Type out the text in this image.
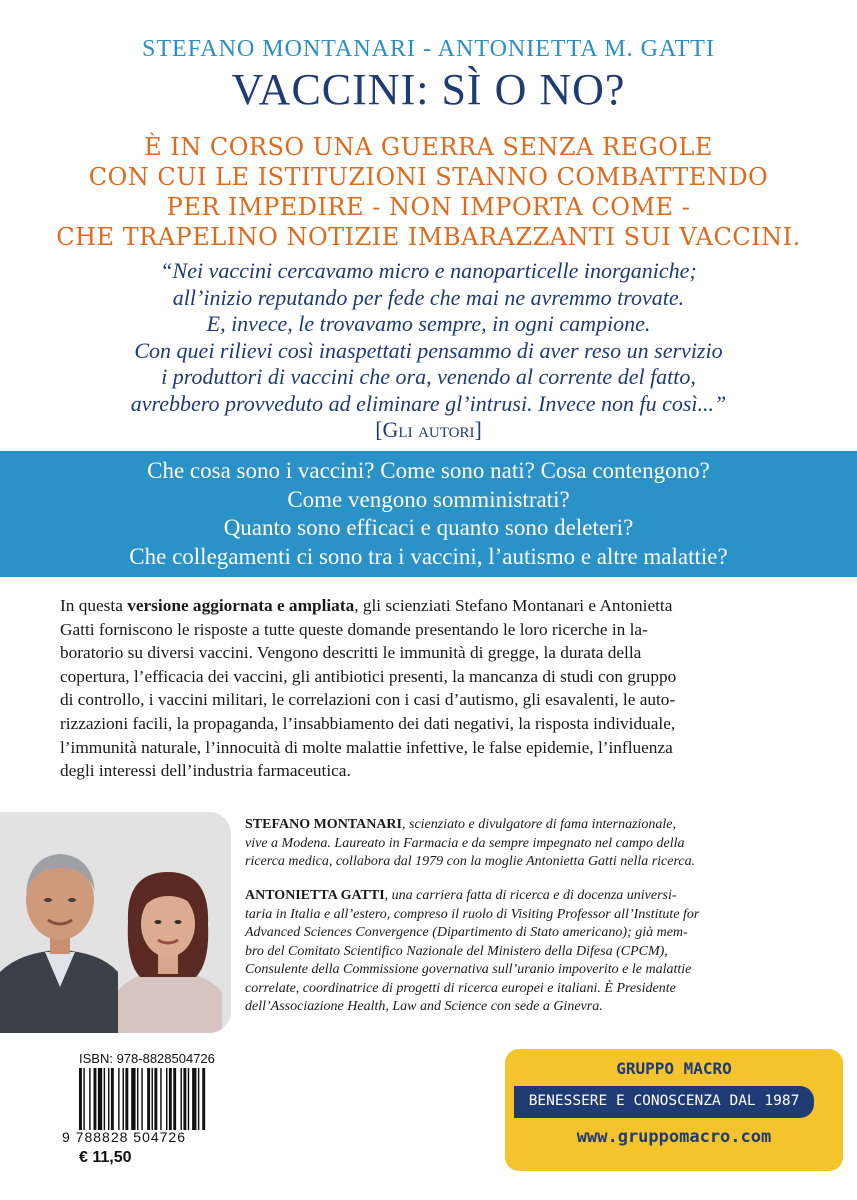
STEFANO MONTANARI - ANTONIETTA M. GATTI
VACCINI: SÌ O NO?
È IN CORSO UNA GUERRA SENZA REGOLE
CON CUI LE ISTITUZIONI STANNO COMBATTENDO
PER IMPEDIRE - NON IMPORTA COME -
CHE TRAPELINO NOTIZIE IMBARAZZANTI SUI VACCINI.
“Nei vaccini cercavamo micro e nanoparticelle inorganiche;
all’inizio reputando per fede che mai ne avremmo trovate.
E, invece, le trovavamo sempre, in ogni campione.
Con quei rilievi così inaspettati pensammo di aver reso un servizio
i produttori di vaccini che ora, venendo al corrente del fatto,
avrebbero provveduto ad eliminare gl’intrusi. Invece non fu così...”
[Gli autori]
Che cosa sono i vaccini? Come sono nati? Cosa contengono?
Come vengono somministrati?
Quanto sono efficaci e quanto sono deleteri?
Che collegamenti ci sono tra i vaccini, l’autismo e altre malattie?
In questa versione aggiornata e ampliata, gli scienziati Stefano Montanari e Antonietta
Gatti forniscono le risposte a tutte queste domande presentando le loro ricerche in la-
boratorio su diversi vaccini. Vengono descritti le immunità di gregge, la durata della
copertura, l’efficacia dei vaccini, gli antibiotici presenti, la mancanza di studi con gruppo
di controllo, i vaccini militari, le correlazioni con i casi d’autismo, gli esavalenti, le auto-
rizzazioni facili, la propaganda, l’insabbiamento dei dati negativi, la risposta individuale,
l’immunità naturale, l’innocuità di molte malattie infettive, le false epidemie, l’influenza
degli interessi dell’industria farmaceutica.
STEFANO MONTANARI, scienziato e divulgatore di fama internazionale,
vive a Modena. Laureato in Farmacia e da sempre impegnato nel campo della
ricerca medica, collabora dal 1979 con la moglie Antonietta Gatti nella ricerca.
ANTONIETTA GATTI, una carriera fatta di ricerca e di docenza universi-
taria in Italia e all’estero, compreso il ruolo di Visiting Professor all’Institute for
Advanced Sciences Convergence (Dipartimento di Stato americano); già mem-
bro del Comitato Scientifico Nazionale del Ministero della Difesa (CPCM),
Consulente della Commissione governativa sull’uranio impoverito e le malattie
correlate, coordinatrice di progetti di ricerca europei e italiani. È Presidente
dell’Associazione Health, Law and Science con sede a Ginevra.
ISBN: 978-8828504726
9 788828 504726
€ 11,50
GRUPPO MACRO
BENESSERE E CONOSCENZA DAL 1987
www.gruppomacro.com
